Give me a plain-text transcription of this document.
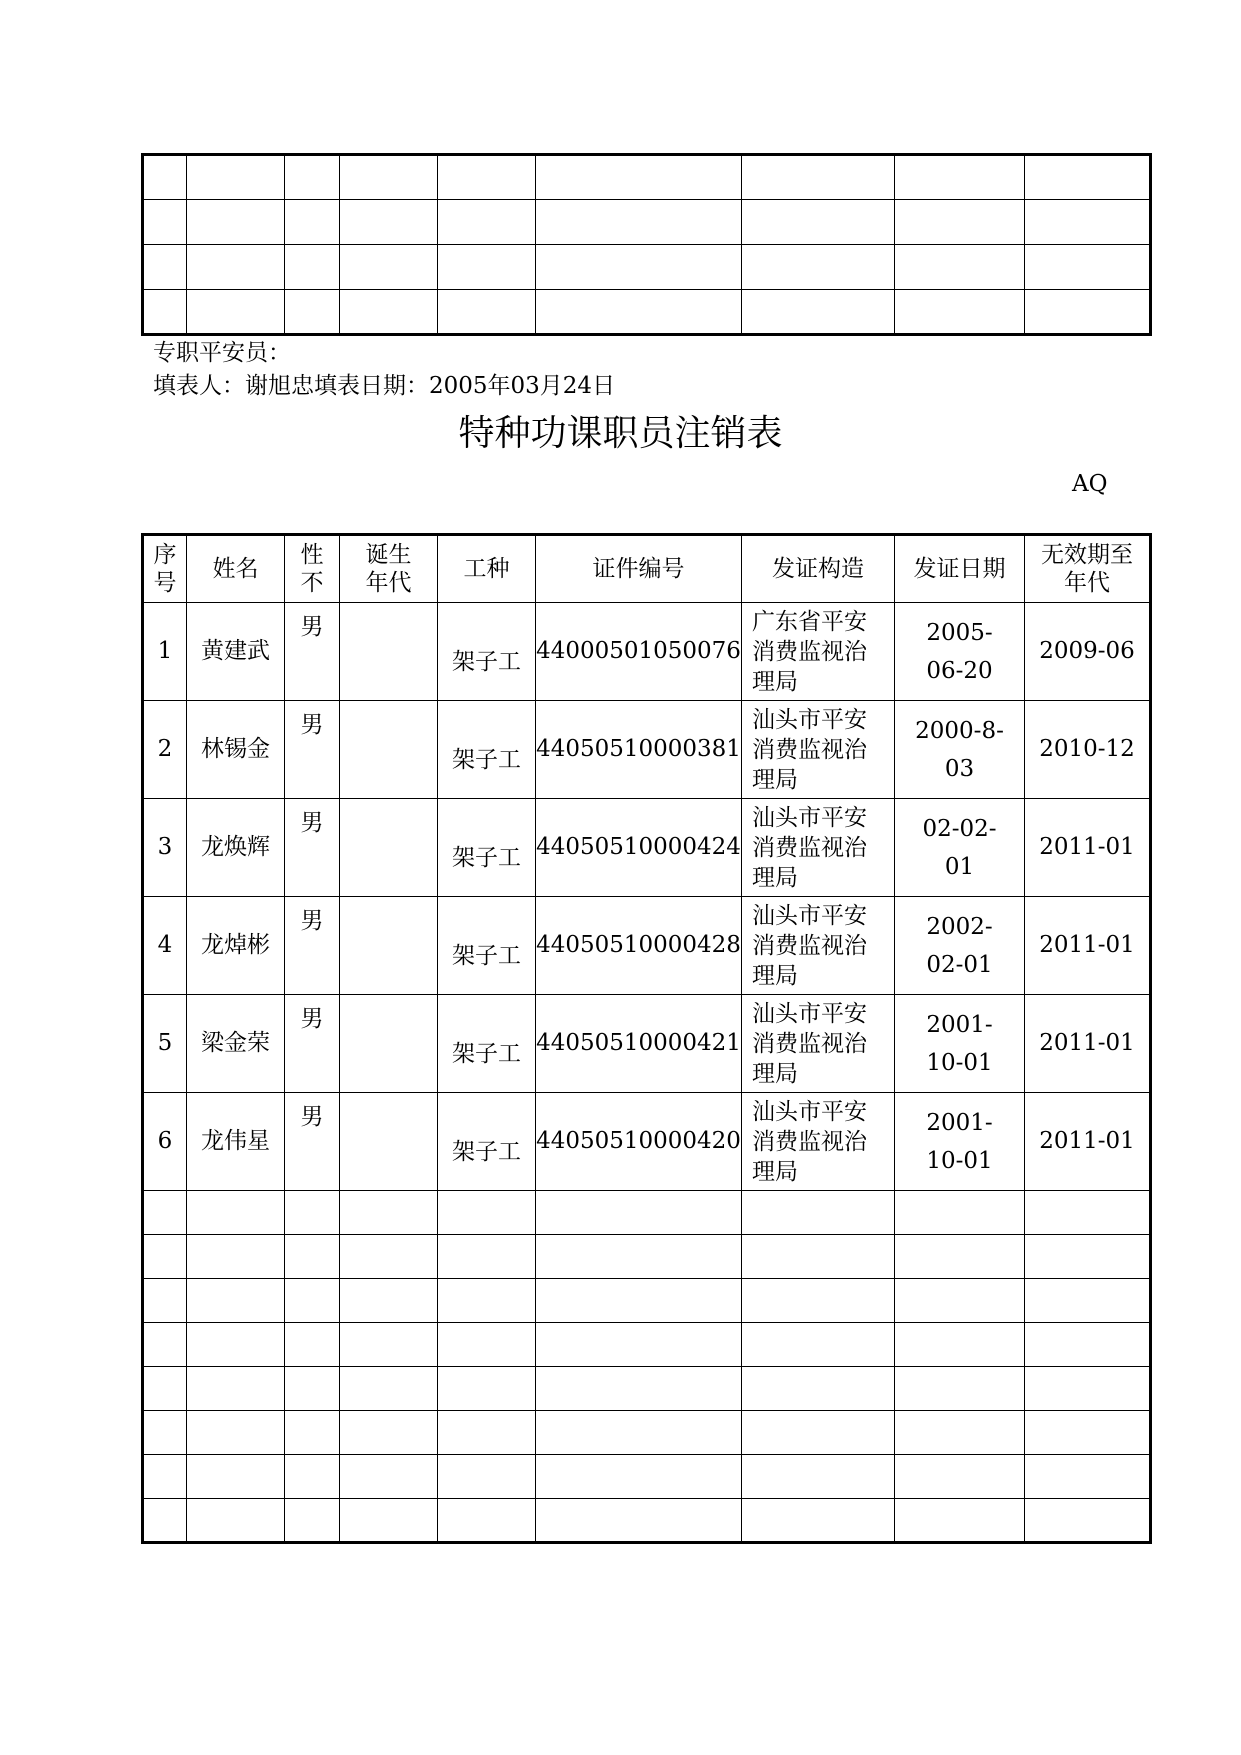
专职平安员：
填表人：谢旭忠填表日期：2005年03月24日
特种功课职员注销表
AQ
序号	姓名	性不	诞生年代	工种	证件编号	发证构造	发证日期	无效期至年代
1	黄建武	男		架子工	44000501050076	广东省平安消费监视治理局	2005-06-20	2009-06
2	林锡金	男		架子工	44050510000381	汕头市平安消费监视治理局	2000-8-03	2010-12
3	龙焕辉	男		架子工	44050510000424	汕头市平安消费监视治理局	02-02-01	2011-01
4	龙焯彬	男		架子工	44050510000428	汕头市平安消费监视治理局	2002-02-01	2011-01
5	梁金荣	男		架子工	44050510000421	汕头市平安消费监视治理局	2001-10-01	2011-01
6	龙伟星	男		架子工	44050510000420	汕头市平安消费监视治理局	2001-10-01	2011-01
